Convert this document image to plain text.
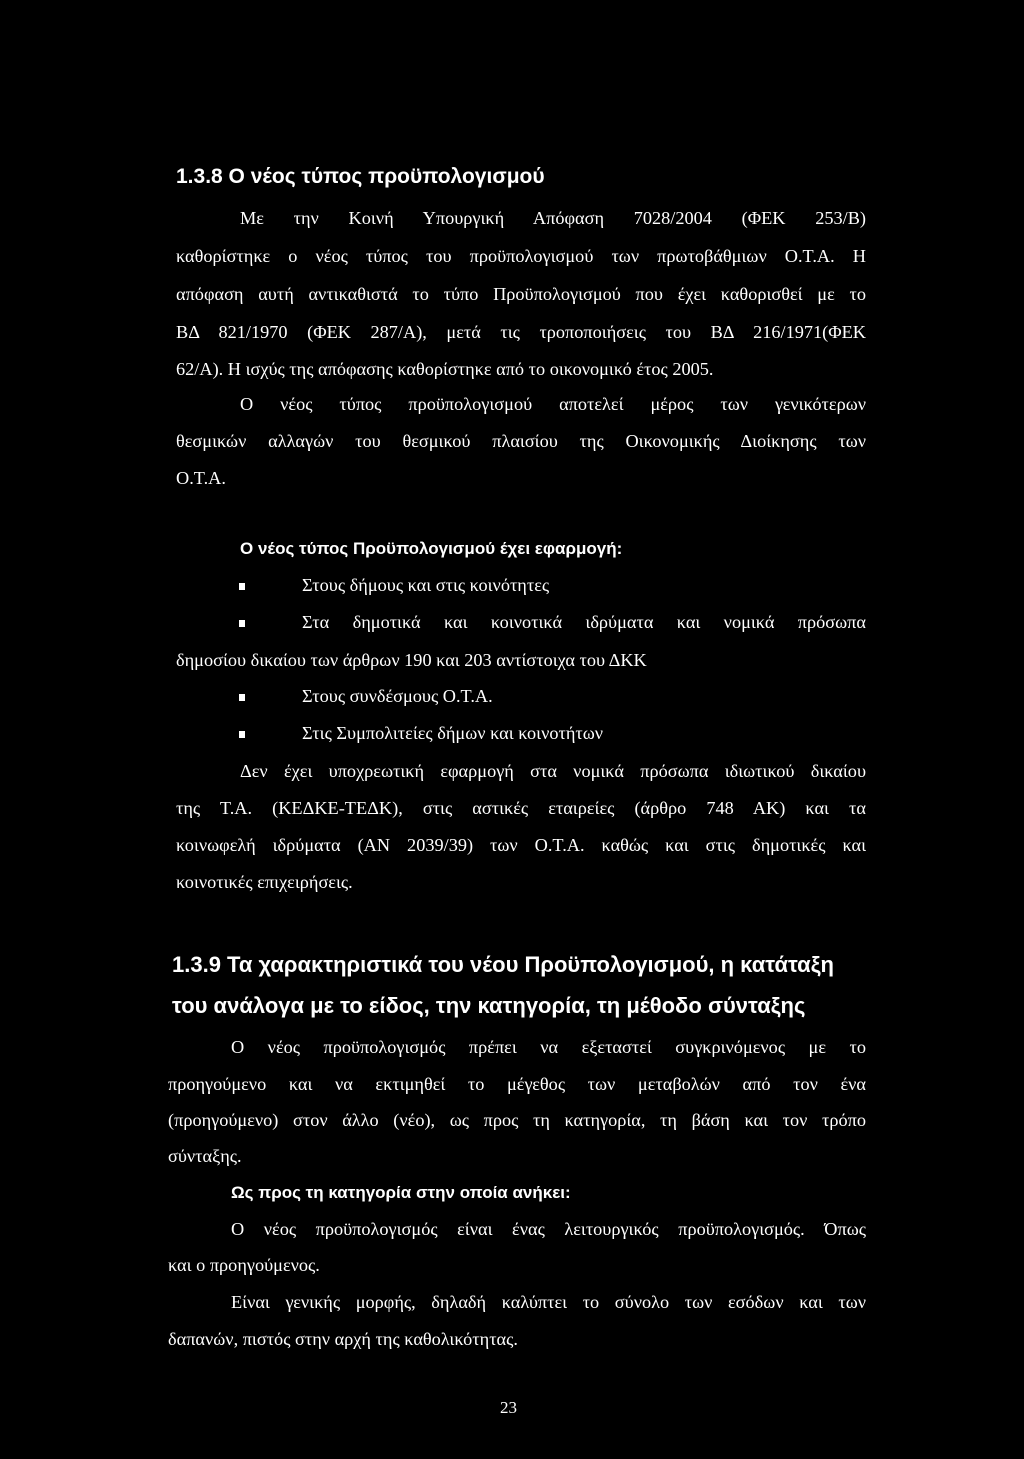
1.3.8 Ο νέος τύπος προϋπολογισμού

Με την Κοινή Υπουργική Απόφαση 7028/2004 (ΦΕΚ 253/Β)

καθορίστηκε ο νέος τύπος του προϋπολογισμού των πρωτοβάθμιων Ο.Τ.Α. Η

απόφαση αυτή αντικαθιστά το τύπο Προϋπολογισμού που έχει καθορισθεί με το

ΒΔ 821/1970 (ΦΕΚ 287/Α), μετά τις τροποποιήσεις του ΒΔ 216/1971(ΦΕΚ

62/Α). Η ισχύς της απόφασης καθορίστηκε από το οικονομικό έτος 2005.

Ο νέος τύπος προϋπολογισμού αποτελεί μέρος των γενικότερων

θεσμικών αλλαγών του θεσμικού πλαισίου της Οικονομικής Διοίκησης των

Ο.Τ.Α.

Ο νέος τύπος Προϋπολογισμού έχει εφαρμογή:

Στους δήμους και στις κοινότητες

Στα δημοτικά και κοινοτικά ιδρύματα και νομικά πρόσωπα

δημοσίου δικαίου των άρθρων 190 και 203 αντίστοιχα του ΔΚΚ

Στους συνδέσμους Ο.Τ.Α.

Στις Συμπολιτείες δήμων και κοινοτήτων

Δεν έχει υποχρεωτική εφαρμογή στα νομικά πρόσωπα ιδιωτικού δικαίου

της Τ.Α. (ΚΕΔΚΕ-ΤΕΔΚ), στις αστικές εταιρείες (άρθρο 748 ΑΚ) και τα

κοινωφελή ιδρύματα (ΑΝ 2039/39) των Ο.Τ.Α. καθώς και στις δημοτικές και

κοινοτικές επιχειρήσεις.

1.3.9 Τα χαρακτηριστικά του νέου Προϋπολογισμού, η κατάταξη
του ανάλογα με το είδος, την κατηγορία, τη μέθοδο σύνταξης

Ο νέος προϋπολογισμός πρέπει να εξεταστεί συγκρινόμενος με το

προηγούμενο και να εκτιμηθεί το μέγεθος των μεταβολών από τον ένα

(προηγούμενο) στον άλλο (νέο), ως προς τη κατηγορία, τη βάση και τον τρόπο

σύνταξης.

Ως προς τη κατηγορία στην οποία ανήκει:

Ο νέος προϋπολογισμός είναι ένας λειτουργικός προϋπολογισμός. Όπως

και ο προηγούμενος.

Είναι γενικής μορφής, δηλαδή καλύπτει το σύνολο των εσόδων και των

δαπανών, πιστός στην αρχή της καθολικότητας.

23
